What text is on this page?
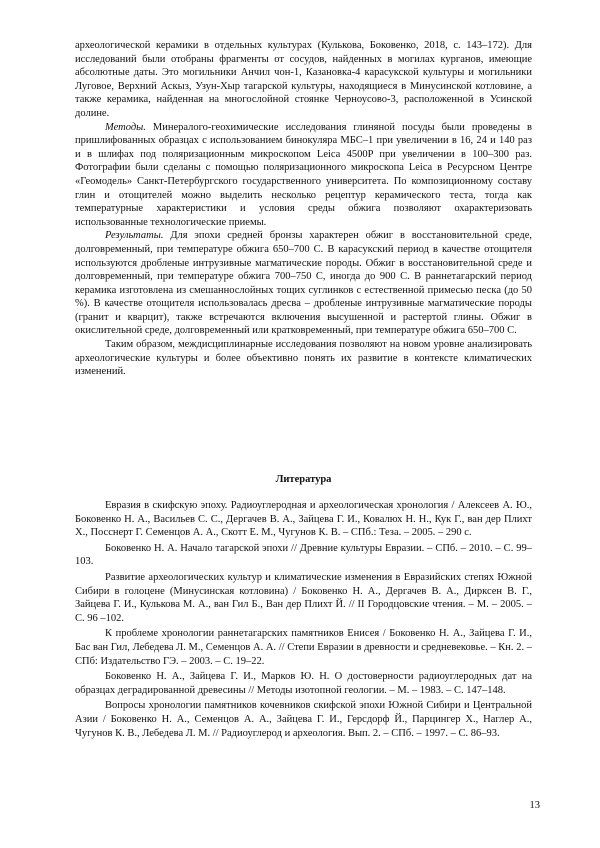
археологической керамики в отдельных культурах (Кулькова, Боковенко, 2018, с. 143–172). Для исследований были отобраны фрагменты от сосудов, найденных в могилах курганов, имеющие абсолютные даты. Это могильники Анчил чон-1, Казановка-4 карасукской культуры и могильники Луговое, Верхний Аскыз, Узун-Хыр тагарской культуры, находящиеся в Минусинской котловине, а также керамика, найденная на многослойной стоянке Черноусово-3, расположенной в Усинской долине.

Методы. Минералого-геохимические исследования глиняной посуды были проведены в пришлифованных образцах с использованием бинокуляра МБС–1 при увеличении в 16, 24 и 140 раз и в шлифах под поляризационным микроскопом Leica 4500P при увеличении в 100–300 раз. Фотографии были сделаны с помощью поляризационного микроскопа Leica в Ресурсном Центре «Геомодель» Санкт-Петербургского государственного университета. По композиционному составу глин и отощителей можно выделить несколько рецептур керамического теста, тогда как температурные характеристики и условия среды обжига позволяют охарактеризовать использованные технологические приемы.

Результаты. Для эпохи средней бронзы характерен обжиг в восстановительной среде, долговременный, при температуре обжига 650–700 С. В карасукский период в качестве отощителя используются дробленые интрузивные магматические породы. Обжиг в восстановительной среде и долговременный, при температуре обжига 700–750 С, иногда до 900 С. В раннетагарский период керамика изготовлена из смешаннослойных тощих суглинков с естественной примесью песка (до 50 %). В качестве отощителя использовалась дресва – дробленые интрузивные магматические породы (гранит и кварцит), также встречаются включения высушенной и растертой глины. Обжиг в окислительной среде, долговременный или кратковременный, при температуре обжига 650–700 С.

Таким образом, междисциплинарные исследования позволяют на новом уровне анализировать археологические культуры и более объективно понять их развитие в контексте климатических изменений.

Литература

Евразия в скифскую эпоху. Радиоуглеродная и археологическая хронология / Алексеев А. Ю., Боковенко Н. А., Васильев С. С., Дергачев В. А., Зайцева Г. И., Ковалюх Н. Н., Кук Г., ван дер Плихт Х., Посснерт Г. Семенцов А. А., Скотт Е. М., Чугунов К. В. – СПб.: Теза. – 2005. – 290 с.

Боковенко Н. А. Начало тагарской эпохи // Древние культуры Евразии. – СПб. – 2010. – С. 99–103.

Развитие археологических культур и климатические изменения в Евразийских степях Южной Сибири в голоцене (Минусинская котловина) / Боковенко Н. А., Дергачев В. А., Дирксен В. Г., Зайцева Г. И., Кулькова М. А., ван Гил Б., Ван дер Плихт Й. // II Городцовские чтения. – М. – 2005. – С. 96 –102.

К проблеме хронологии раннетагарских памятников Енисея / Боковенко Н. А., Зайцева Г. И., Бас ван Гил, Лебедева Л. М., Семенцов А. А. // Степи Евразии в древности и средневековье. – Кн. 2. – СПб: Издательство ГЭ. – 2003. – С. 19–22.

Боковенко Н. А., Зайцева Г. И., Марков Ю. Н. О достоверности радиоуглеродных дат на образцах деградированной древесины // Методы изотопной геологии. – М. – 1983. – С. 147–148.

Вопросы хронологии памятников кочевников скифской эпохи Южной Сибири и Центральной Азии / Боковенко Н. А., Семенцов А. А., Зайцева Г. И., Герсдорф Й., Парцингер Х., Наглер А., Чугунов К. В., Лебедева Л. М. // Радиоуглерод и археология. Вып. 2. – СПб. – 1997. – С. 86–93.

13
